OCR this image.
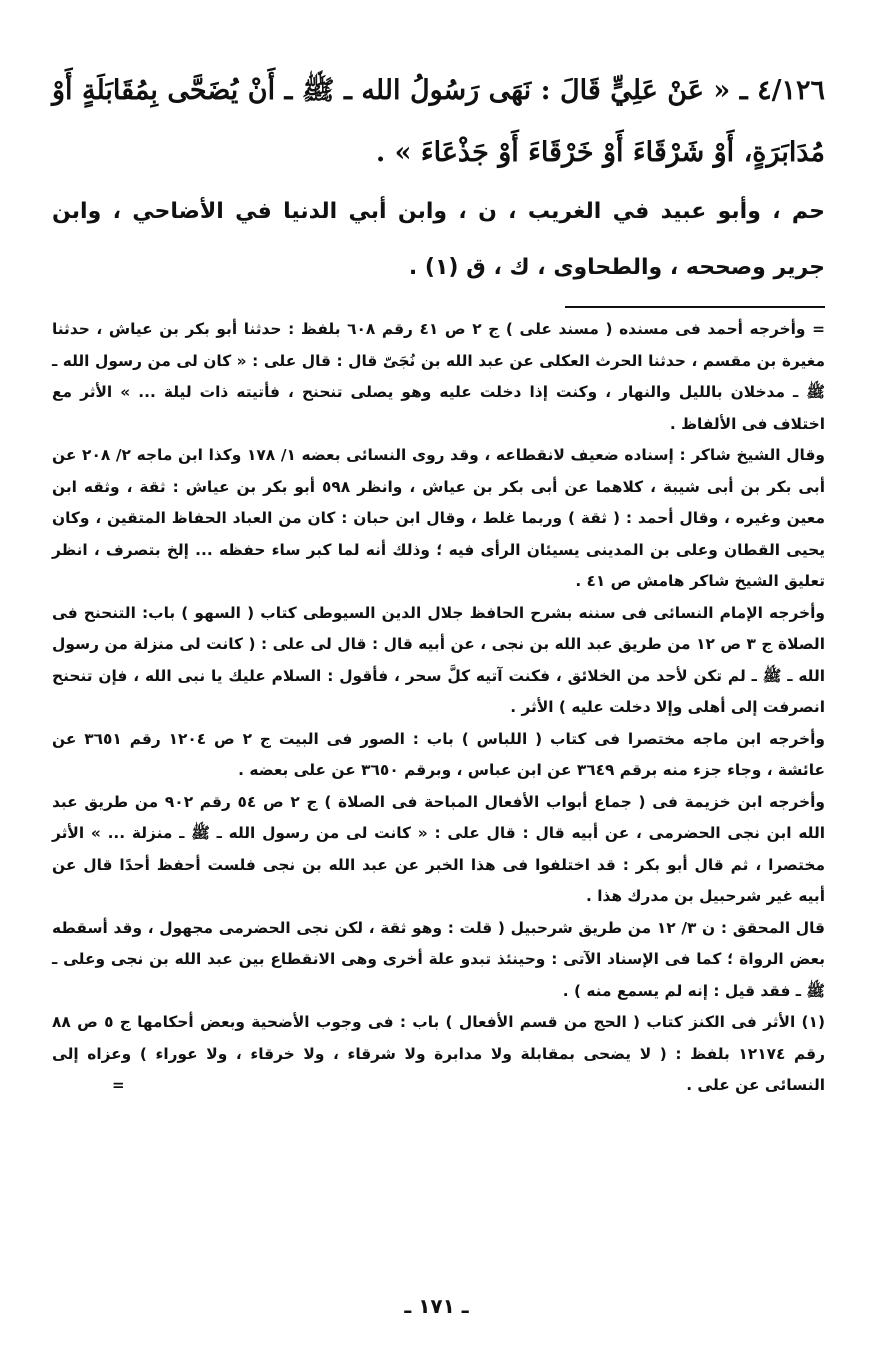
٤/١٢٦ ـ « عَنْ عَلِيٍّ قَالَ : نَهَى رَسُولُ الله ـ ﷺ ـ أَنْ يُضَحَّى بِمُقَابَلَةٍ أَوْ مُدَابَرَةٍ، أَوْ شَرْقَاءَ أَوْ خَرْقَاءَ أَوْ جَذْعَاءَ » .

حم ، وأبو عبيد في الغريب ، ن ، وابن أبي الدنيا في الأضاحي ، وابن جرير وصححه ، والطحاوى ، ك ، ق (١) .

= وأخرجه أحمد فى مسنده ( مسند على ) ج ٢ ص ٤١ رقم ٦٠٨ بلفظ : حدثنا أبو بكر بن عياش ، حدثنا مغيرة بن مقسم ، حدثنا الحرث العكلى عن عبد الله بن نُجَىّ قال : قال على : « كان لى من رسول الله ـ ﷺ ـ مدخلان بالليل والنهار ، وكنت إذا دخلت عليه وهو يصلى تنحنح ، فأتيته ذات ليلة ... » الأثر مع اختلاف فى الألفاظ .

وقال الشيخ شاكر : إسناده ضعيف لانقطاعه ، وقد روى النسائى بعضه ١/ ١٧٨ وكذا ابن ماجه ٢/ ٢٠٨ عن أبى بكر بن أبى شيبة ، كلاهما عن أبى بكر بن عياش ، وانظر ٥٩٨ أبو بكر بن عياش : ثقة ، وثقه ابن معين وغيره ، وقال أحمد : ( ثقة ) وربما غلط ، وقال ابن حبان : كان من العباد الحفاظ المتقين ، وكان يحيى القطان وعلى بن المدينى يسيئان الرأى فيه ؛ وذلك أنه لما كبر ساء حفظه ... إلخ بتصرف ، انظر تعليق الشيخ شاكر هامش ص ٤١ .

وأخرجه الإمام النسائى فى سننه بشرح الحافظ جلال الدين السيوطى كتاب ( السهو ) باب: التنحنح فى الصلاة ج ٣ ص ١٢ من طريق عبد الله بن نجى ، عن أبيه قال : قال لى على : ( كانت لى منزلة من رسول الله ـ ﷺ ـ لم تكن لأحد من الخلائق ، فكنت آتيه كلَّ سحر ، فأقول : السلام عليك يا نبى الله ، فإن تنحنح انصرفت إلى أهلى وإلا دخلت عليه ) الأثر .

وأخرجه ابن ماجه مختصرا فى كتاب ( اللباس ) باب : الصور فى البيت ج ٢ ص ١٢٠٤ رقم ٣٦٥١ عن عائشة ، وجاء جزء منه برقم ٣٦٤٩ عن ابن عباس ، وبرقم ٣٦٥٠ عن على بعضه .

وأخرجه ابن خزيمة فى ( جماع أبواب الأفعال المباحة فى الصلاة ) ج ٢ ص ٥٤ رقم ٩٠٢ من طريق عبد الله ابن نجى الحضرمى ، عن أبيه قال : قال على : « كانت لى من رسول الله ـ ﷺ ـ منزلة ... » الأثر مختصرا ، ثم قال أبو بكر : قد اختلفوا فى هذا الخبر عن عبد الله بن نجى فلست أحفظ أحدًا قال عن أبيه غير شرحبيل بن مدرك هذا .

قال المحقق : ن ٣/ ١٢ من طريق شرحبيل ( قلت : وهو ثقة ، لكن نجى الحضرمى مجهول ، وقد أسقطه بعض الرواة ؛ كما فى الإسناد الآتى : وحينئذ تبدو علة أخرى وهى الانقطاع بين عبد الله بن نجى وعلى ـ ﷺ ـ فقد قيل : إنه لم يسمع منه ) .

(١) الأثر فى الكنز كتاب ( الحج من قسم الأفعال ) باب : فى وجوب الأضحية وبعض أحكامها ج ٥ ص ٨٨ رقم ١٢١٧٤ بلفظ : ( لا يضحى بمقابلة ولا مدابرة ولا شرقاء ، ولا خرقاء ، ولا عوراء ) وعزاه إلى النسائى عن على .

=
ـ ١٧١ ـ
